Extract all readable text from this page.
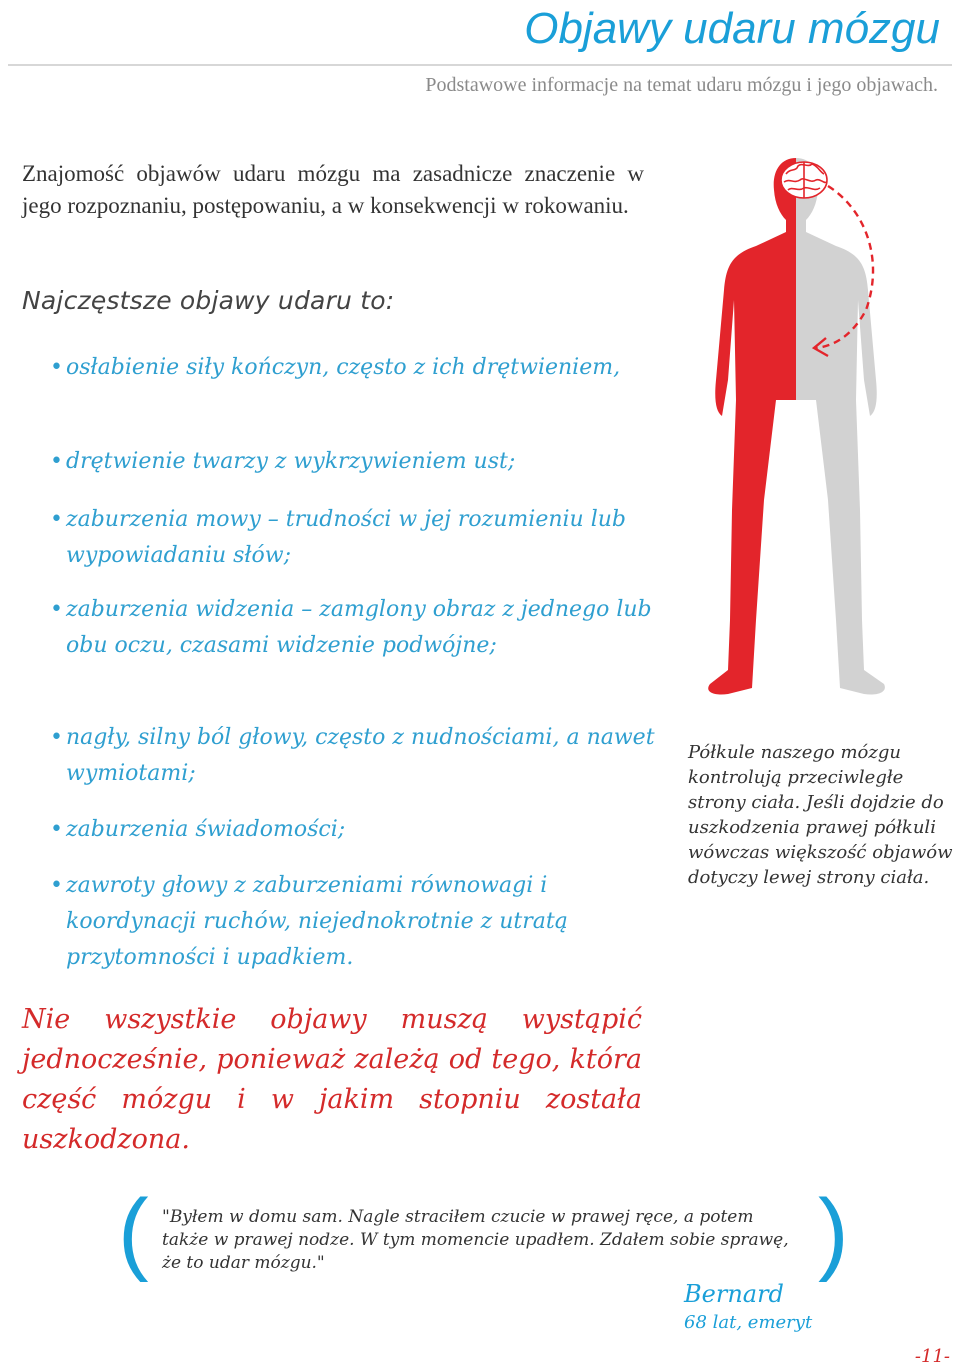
Objawy udaru mózgu
Podstawowe informacje na temat udaru mózgu i jego objawach.

Znajomość objawów udaru mózgu ma zasadnicze znaczenie w jego rozpoznaniu, postępowaniu, a w konsekwencji w rokowaniu.

Najczęstsze objawy udaru to:
• osłabienie siły kończyn, często z ich drętwieniem,
• drętwienie twarzy z wykrzywieniem ust;
• zaburzenia mowy – trudności w jej rozumieniu lub wypowiadaniu słów;
• zaburzenia widzenia – zamglony obraz z jednego lub obu oczu, czasami widzenie podwójne;
• nagły, silny ból głowy, często z nudnościami, a nawet wymiotami;
• zaburzenia świadomości;
• zawroty głowy z zaburzeniami równowagi i koordynacji ruchów, niejednokrotnie z utratą przytomności i upadkiem.

Nie wszystkie objawy muszą wystąpić jednocześnie, ponieważ zależą od tego, która część mózgu i w jakim stopniu została uszkodzona.

Półkule naszego mózgu kontrolują przeciwległe strony ciała. Jeśli dojdzie do uszkodzenia prawej półkuli wówczas większość objawów dotyczy lewej strony ciała.
( "Byłem w domu sam. Nagle straciłem czucie w prawej ręce, a potem także w prawej nodze. W tym momencie upadłem. Zdałem sobie sprawę, że to udar mózgu."	)
Bernard
68 lat, emeryt
-11-
